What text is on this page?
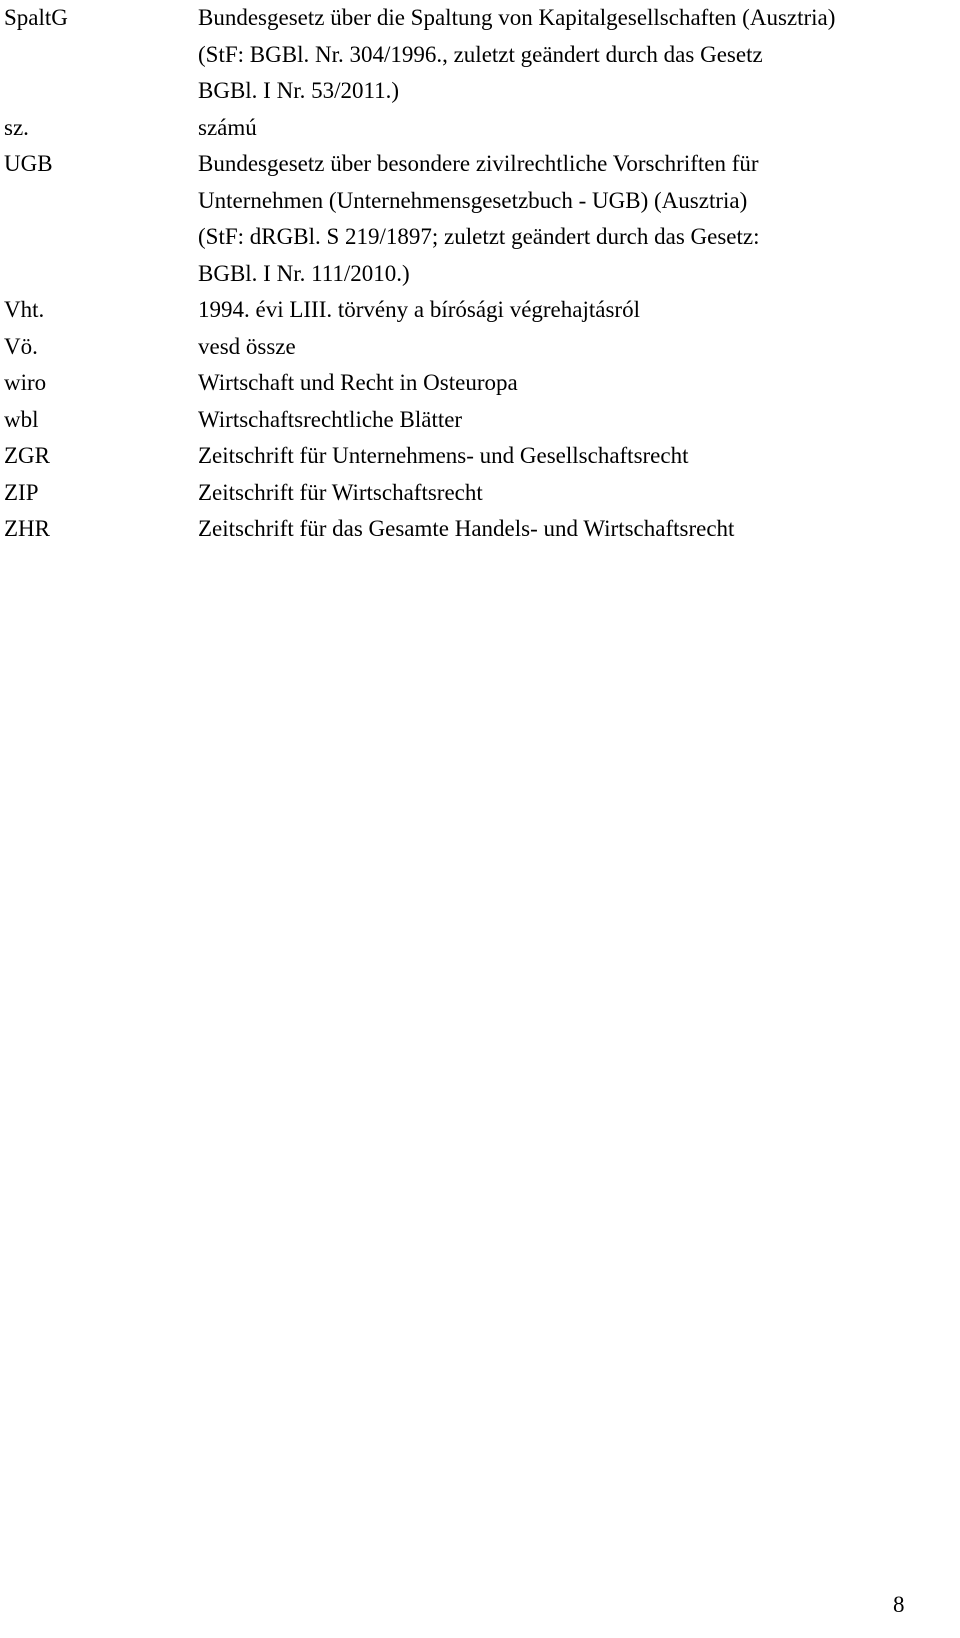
SpaltG	Bundesgesetz über die Spaltung von Kapitalgesellschaften (Ausztria)
(StF: BGBl. Nr. 304/1996., zuletzt geändert durch das Gesetz
BGBl. I Nr. 53/2011.)
sz.	számú
UGB	Bundesgesetz über besondere zivilrechtliche Vorschriften für
Unternehmen (Unternehmensgesetzbuch - UGB) (Ausztria)
(StF: dRGBl. S 219/1897; zuletzt geändert durch das Gesetz:
BGBl. I Nr. 111/2010.)
Vht.	1994. évi LIII. törvény a bírósági végrehajtásról
Vö.	vesd össze
wiro	Wirtschaft und Recht in Osteuropa
wbl	Wirtschaftsrechtliche Blätter
ZGR	Zeitschrift für Unternehmens- und Gesellschaftsrecht
ZIP	Zeitschrift für Wirtschaftsrecht
ZHR	Zeitschrift für das Gesamte Handels- und Wirtschaftsrecht
8
